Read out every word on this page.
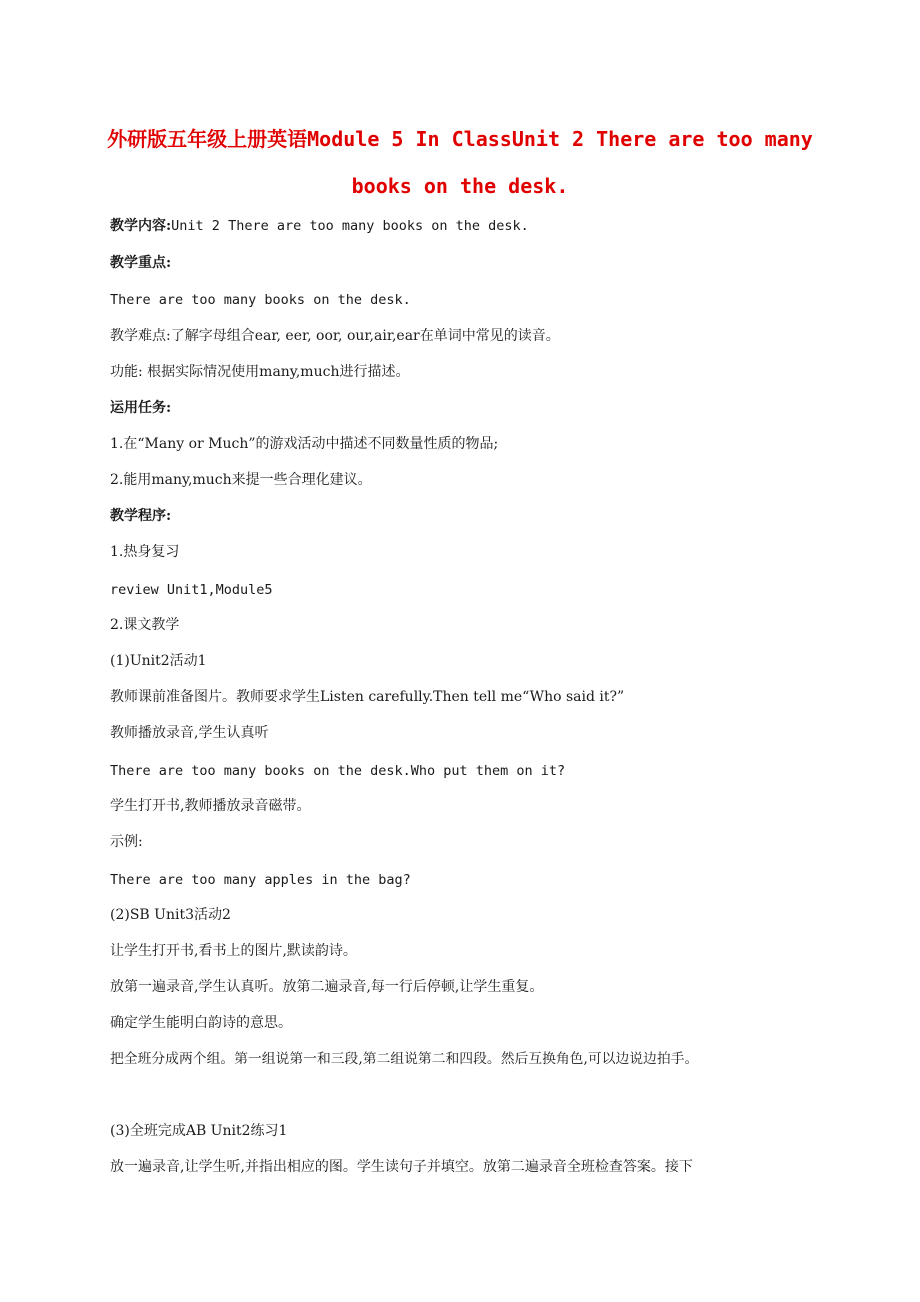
外研版五年级上册英语Module 5 In ClassUnit 2 There are too many
books on the desk.
教学内容:Unit 2 There are too many books on the desk.
教学重点:
There are too many books on the desk.
教学难点:了解字母组合ear, eer, oor, our,air,ear在单词中常见的读音。
功能: 根据实际情况使用many,much进行描述。
运用任务:
1.在“Many or Much”的游戏活动中描述不同数量性质的物品;
2.能用many,much来提一些合理化建议。
教学程序:
1.热身复习
review Unit1,Module5
2.课文教学
(1)Unit2活动1
教师课前准备图片。教师要求学生Listen carefully.Then tell me“Who said it?”
教师播放录音,学生认真听
There are too many books on the desk.Who put them on it?
学生打开书,教师播放录音磁带。
示例:
There are too many apples in the bag?
(2)SB Unit3活动2
让学生打开书,看书上的图片,默读韵诗。
放第一遍录音,学生认真听。放第二遍录音,每一行后停顿,让学生重复。
确定学生能明白韵诗的意思。
把全班分成两个组。第一组说第一和三段,第二组说第二和四段。然后互换角色,可以边说边拍手。
(3)全班完成AB Unit2练习1
放一遍录音,让学生听,并指出相应的图。学生读句子并填空。放第二遍录音全班检查答案。接下
